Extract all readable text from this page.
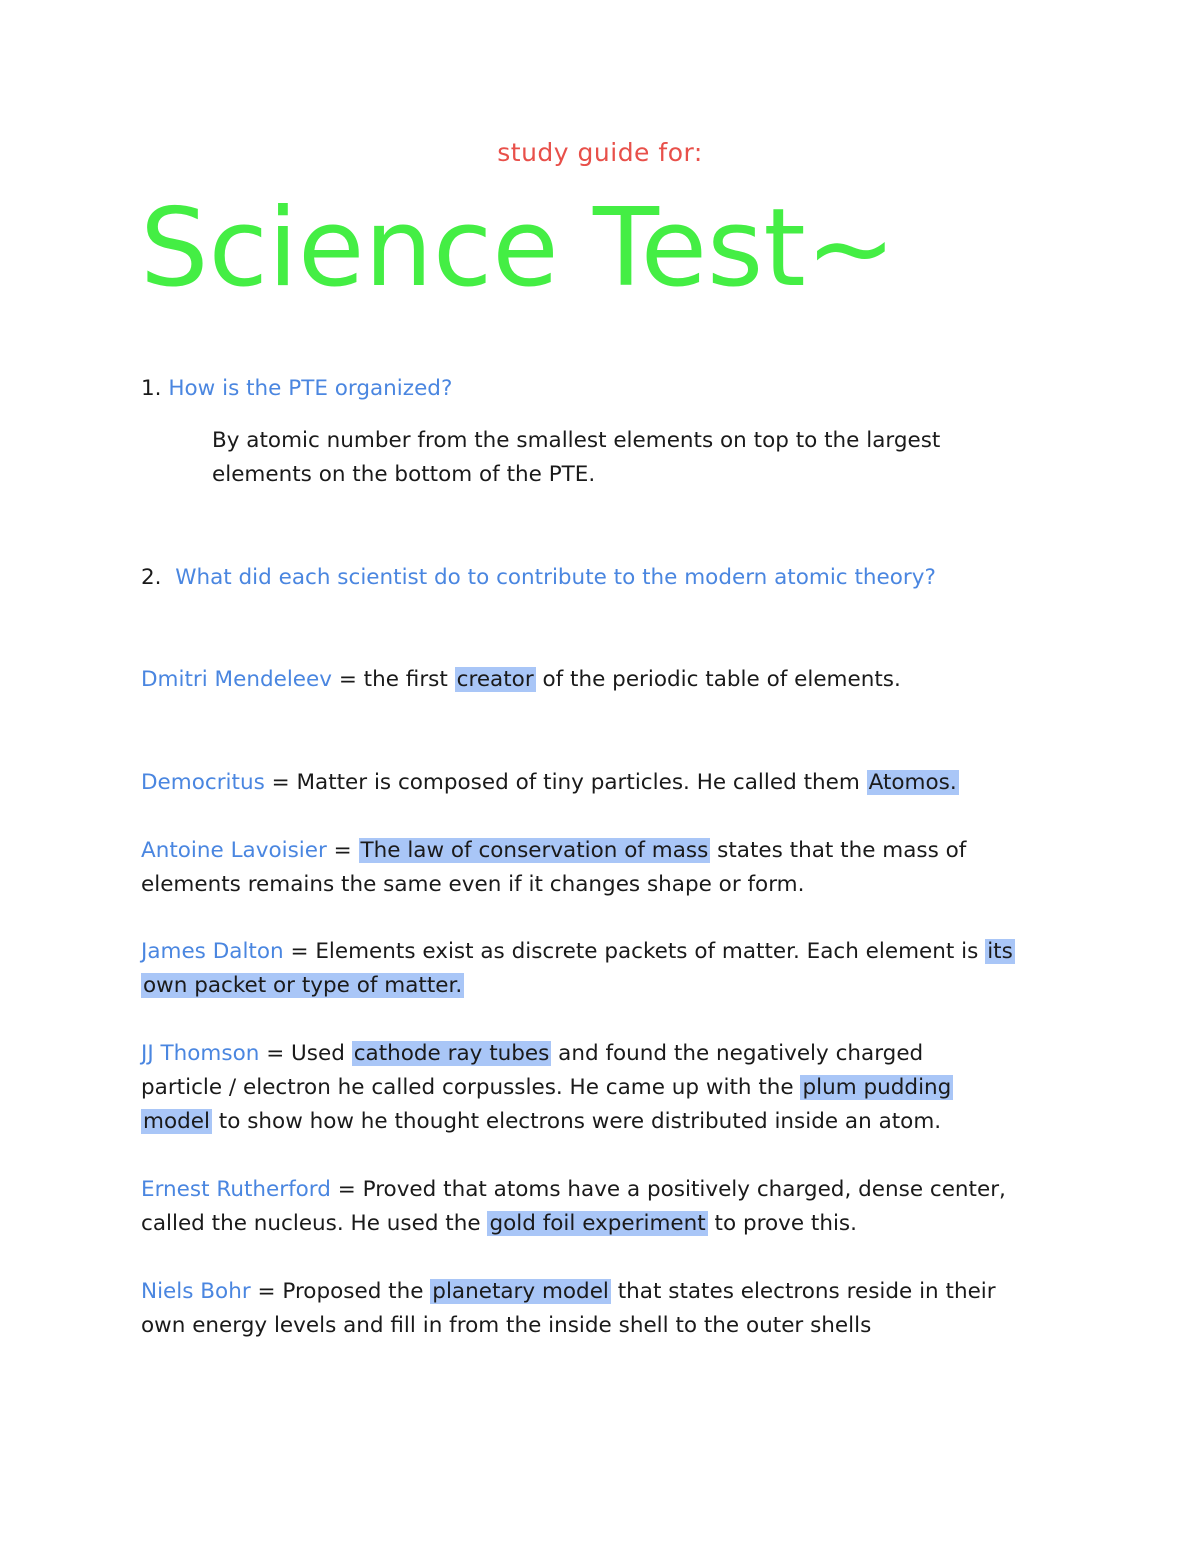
study guide for:
Science Test~
1. How is the PTE organized?
By atomic number from the smallest elements on top to the largest
elements on the bottom of the PTE.
2. What did each scientist do to contribute to the modern atomic theory?
Dmitri Mendeleev = the first creator of the periodic table of elements.
Democritus = Matter is composed of tiny particles. He called them Atomos.
Antoine Lavoisier = The law of conservation of mass states that the mass of
elements remains the same even if it changes shape or form.
James Dalton = Elements exist as discrete packets of matter. Each element is its
own packet or type of matter.
JJ Thomson = Used cathode ray tubes and found the negatively charged
particle / electron he called corpussles. He came up with the plum pudding
model to show how he thought electrons were distributed inside an atom.
Ernest Rutherford = Proved that atoms have a positively charged, dense center,
called the nucleus. He used the gold foil experiment to prove this.
Niels Bohr = Proposed the planetary model that states electrons reside in their
own energy levels and fill in from the inside shell to the outer shells
